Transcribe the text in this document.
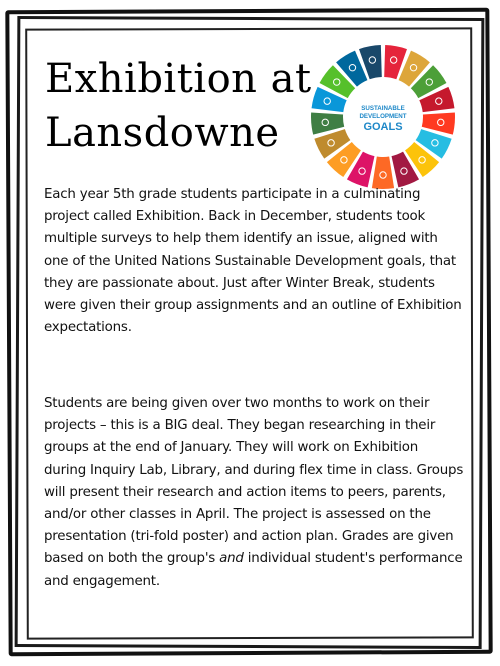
Exhibition at
Lansdowne
SUSTAINABLE
DEVELOPMENT
GOALS
Each year 5th grade students participate in a culminating project called Exhibition. Back in December, students took multiple surveys to help them identify an issue, aligned with one of the United Nations Sustainable Development goals, that they are passionate about. Just after Winter Break, students were given their group assignments and an outline of Exhibition expectations.
Students are being given over two months to work on their projects – this is a BIG deal. They began researching in their groups at the end of January. They will work on Exhibition during Inquiry Lab, Library, and during flex time in class. Groups will present their research and action items to peers, parents, and/or other classes in April. The project is assessed on the presentation (tri-fold poster) and action plan. Grades are given based on both the group's and individual student's performance and engagement.
